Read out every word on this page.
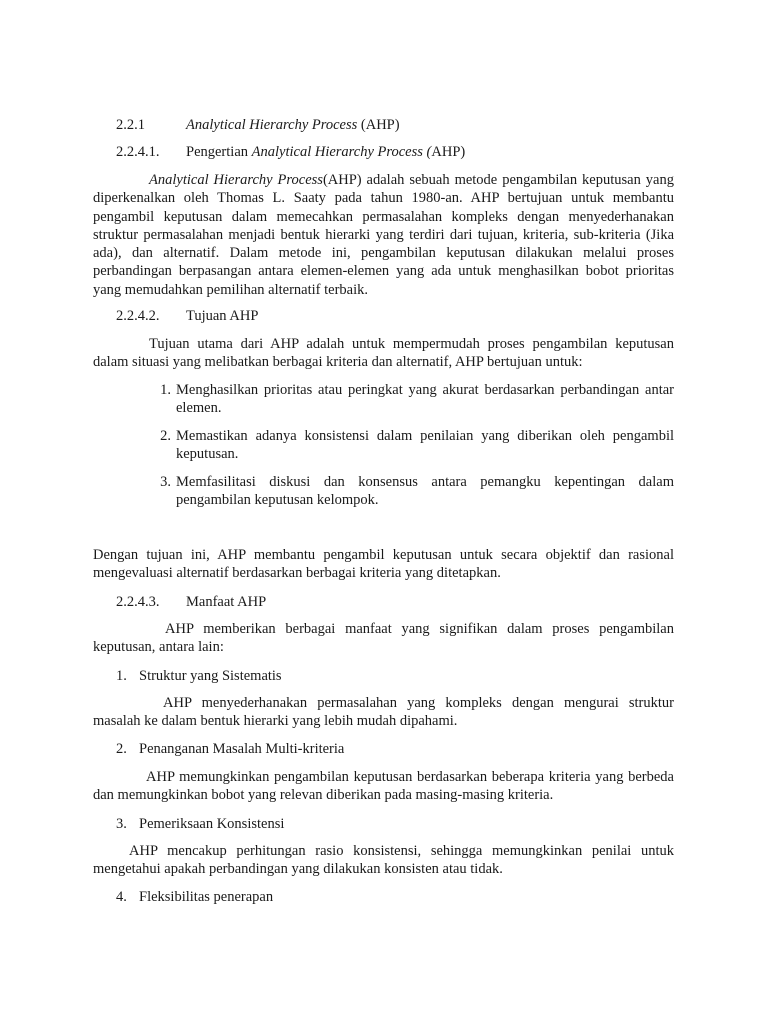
2.2.1	Analytical Hierarchy Process (AHP)
2.2.4.1. Pengertian Analytical Hierarchy Process (AHP)
Analytical Hierarchy Process(AHP) adalah sebuah metode pengambilan keputusan yang diperkenalkan oleh Thomas L. Saaty pada tahun 1980-an. AHP bertujuan untuk membantu pengambil keputusan dalam memecahkan permasalahan kompleks dengan menyederhanakan struktur permasalahan menjadi bentuk hierarki yang terdiri dari tujuan, kriteria, sub-kriteria (Jika ada), dan alternatif. Dalam metode ini, pengambilan keputusan dilakukan melalui proses perbandingan berpasangan antara elemen-elemen yang ada untuk menghasilkan bobot prioritas yang memudahkan pemilihan alternatif terbaik.
2.2.4.2. Tujuan AHP
Tujuan utama dari AHP adalah untuk mempermudah proses pengambilan keputusan dalam situasi yang melibatkan berbagai kriteria dan alternatif, AHP bertujuan untuk:
1. Menghasilkan prioritas atau peringkat yang akurat berdasarkan perbandingan antar elemen.
2. Memastikan adanya konsistensi dalam penilaian yang diberikan oleh pengambil keputusan.
3. Memfasilitasi diskusi dan konsensus antara pemangku kepentingan dalam pengambilan keputusan kelompok.
Dengan tujuan ini, AHP membantu pengambil keputusan untuk secara objektif dan rasional mengevaluasi alternatif berdasarkan berbagai kriteria yang ditetapkan.
2.2.4.3. Manfaat AHP
AHP memberikan berbagai manfaat yang signifikan dalam proses pengambilan keputusan, antara lain:
1. Struktur yang Sistematis
AHP menyederhanakan permasalahan yang kompleks dengan mengurai struktur masalah ke dalam bentuk hierarki yang lebih mudah dipahami.
2. Penanganan Masalah Multi-kriteria
AHP memungkinkan pengambilan keputusan berdasarkan beberapa kriteria yang berbeda dan memungkinkan bobot yang relevan diberikan pada masing-masing kriteria.
3. Pemeriksaan Konsistensi
AHP mencakup perhitungan rasio konsistensi, sehingga memungkinkan penilai untuk mengetahui apakah perbandingan yang dilakukan konsisten atau tidak.
4. Fleksibilitas penerapan
